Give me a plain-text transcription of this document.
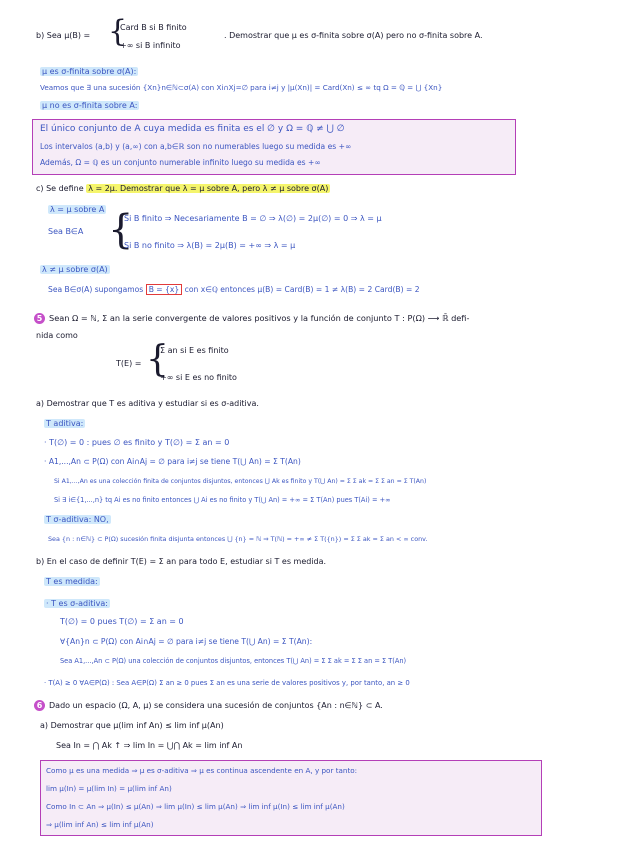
b) Sea μ(B) = {
Card B si B finito
+∞ si B infinito
. Demostrar que μ es σ-finita sobre σ(A) pero no σ-finita sobre A.
μ es σ-finita sobre σ(A):
Veamos que ∃ una sucesión {Xn}n∈ℕ⊂σ(A) con Xi∩Xj=∅ para i≠j y |μ(Xn)| = Card(Xn) ≤ ∞ tq Ω = ℚ = ⋃ {Xn}
μ no es σ-finita sobre A:
El único conjunto de A cuya medida es finita es el ∅ y Ω = ℚ ≠ ⋃ ∅
Los intervalos (a,b) y (a,∞) con a,b∈ℝ son no numerables luego su medida es +∞
Además, Ω = ℚ es un conjunto numerable infinito luego su medida es +∞
c) Se define λ = 2μ. Demostrar que λ = μ sobre A, pero λ ≠ μ sobre σ(A)
λ = μ sobre A
Sea B∈A {
Si B finito ⇒ Necesariamente B = ∅ ⇒ λ(∅) = 2μ(∅) = 0 ⇒ λ = μ
Si B no finito ⇒ λ(B) = 2μ(B) = +∞ ⇒ λ = μ
λ ≠ μ sobre σ(A)
Sea B∈σ(A) supongamos B = {x} con x∈ℚ entonces μ(B) = Card(B) = 1 ≠ λ(B) = 2 Card(B) = 2
5 Sean Ω = ℕ, Σ an la serie convergente de valores positivos y la función de conjunto T : P(Ω) ⟶ ℝ̄ defi-
nida como
T(E) = {
Σ an si E es finito
+∞ si E es no finito
a) Demostrar que T es aditiva y estudiar si es σ-aditiva.
T aditiva:
· T(∅) = 0 : pues ∅ es finito y T(∅) = Σ an = 0
· A1,...,An ⊂ P(Ω) con Ai∩Aj = ∅ para i≠j se tiene T(⋃ An) = Σ T(An)
Si A1,...,An es una colección finita de conjuntos disjuntos, entonces ⋃ Ak es finito y T(⋃ An) = Σ Σ ak = Σ Σ an = Σ T(An)
Si ∃ i∈{1,...,n} tq Ai es no finito entonces ⋃ Ai es no finito y T(⋃ An) = +∞ = Σ T(An) pues T(Ai) = +∞
T σ-aditiva: NO,
Sea {n : n∈ℕ} ⊂ P(Ω) sucesión finita disjunta entonces ⋃ {n} = ℕ ⇒ T(ℕ) = +∞ ≠ Σ T({n}) = Σ Σ ak = Σ an < ∞ conv.
b) En el caso de definir T(E) = Σ an para todo E, estudiar si T es medida.
T es medida:
· T es σ-aditiva:
T(∅) = 0 pues T(∅) = Σ an = 0
∀{An}n ⊂ P(Ω) con Ai∩Aj = ∅ para i≠j se tiene T(⋃ An) = Σ T(An):
Sea A1,...,An ⊂ P(Ω) una colección de conjuntos disjuntos, entonces T(⋃ An) = Σ Σ ak = Σ Σ an = Σ T(An)
· T(A) ≥ 0 ∀A∈P(Ω) : Sea A∈P(Ω) Σ an ≥ 0 pues Σ an es una serie de valores positivos y, por tanto, an ≥ 0
6 Dado un espacio (Ω, A, μ) se considera una sucesión de conjuntos {An : n∈ℕ} ⊂ A.
a) Demostrar que μ(lim inf An) ≤ lim inf μ(An)
Sea In = ⋂ Ak ↑ ⇒ lim In = ⋃⋂ Ak = lim inf An
Como μ es una medida ⇒ μ es σ-aditiva ⇒ μ es continua ascendente en A, y por tanto:
lim μ(In) = μ(lim In) = μ(lim inf An)
Como In ⊂ An ⇒ μ(In) ≤ μ(An) ⇒ lim μ(In) ≤ lim μ(An) ⇒ lim inf μ(In) ≤ lim inf μ(An)
⇒ μ(lim inf An) ≤ lim inf μ(An)
